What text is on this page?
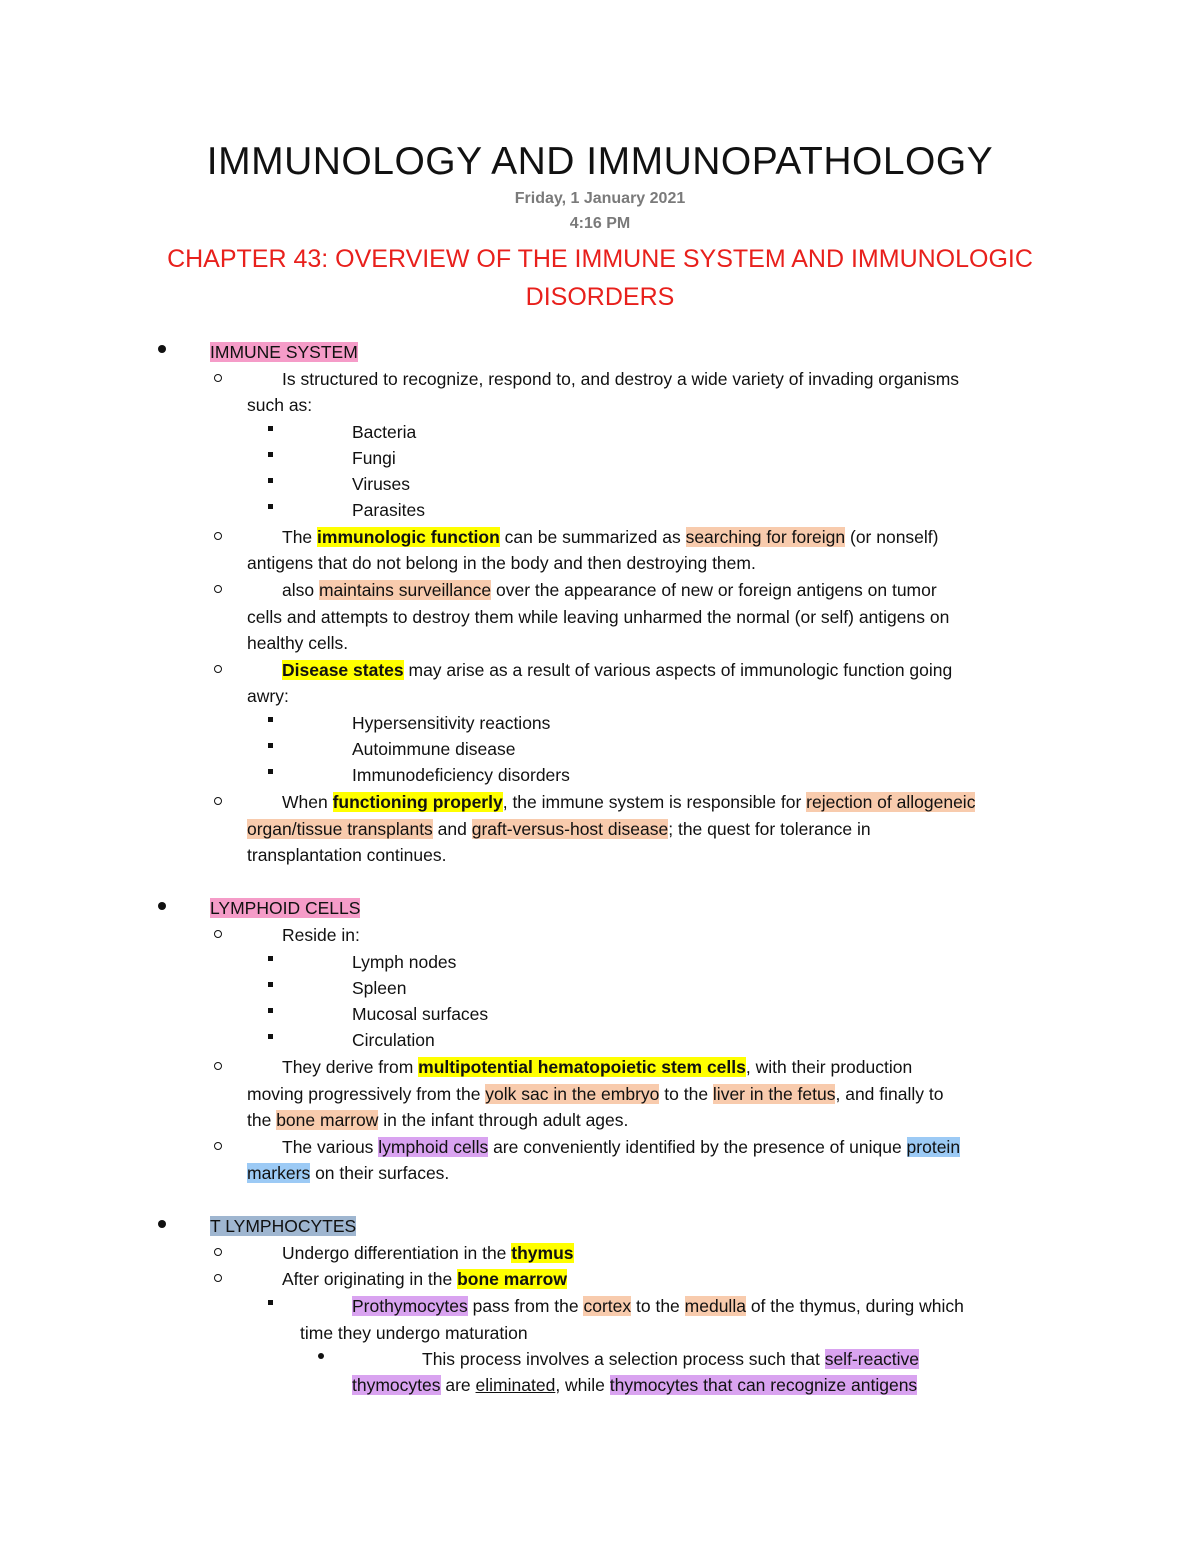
IMMUNOLOGY AND IMMUNOPATHOLOGY
Friday, 1 January 2021
4:16 PM
CHAPTER 43: OVERVIEW OF THE IMMUNE SYSTEM AND IMMUNOLOGIC
DISORDERS
IMMUNE SYSTEM
Is structured to recognize, respond to, and destroy a wide variety of invading organisms
such as:
Bacteria
Fungi
Viruses
Parasites
The immunologic function can be summarized as searching for foreign (or nonself)
antigens that do not belong in the body and then destroying them.
also maintains surveillance over the appearance of new or foreign antigens on tumor
cells and attempts to destroy them while leaving unharmed the normal (or self) antigens on
healthy cells.
Disease states may arise as a result of various aspects of immunologic function going
awry:
Hypersensitivity reactions
Autoimmune disease
Immunodeficiency disorders
When functioning properly, the immune system is responsible for rejection of allogeneic
organ/tissue transplants and graft-versus-host disease; the quest for tolerance in
transplantation continues.
LYMPHOID CELLS
Reside in:
Lymph nodes
Spleen
Mucosal surfaces
Circulation
They derive from multipotential hematopoietic stem cells, with their production
moving progressively from the yolk sac in the embryo to the liver in the fetus, and finally to
the bone marrow in the infant through adult ages.
The various lymphoid cells are conveniently identified by the presence of unique protein
markers on their surfaces.
T LYMPHOCYTES
Undergo differentiation in the thymus
After originating in the bone marrow
Prothymocytes pass from the cortex to the medulla of the thymus, during which
time they undergo maturation
This process involves a selection process such that self-reactive
thymocytes are eliminated, while thymocytes that can recognize antigens
